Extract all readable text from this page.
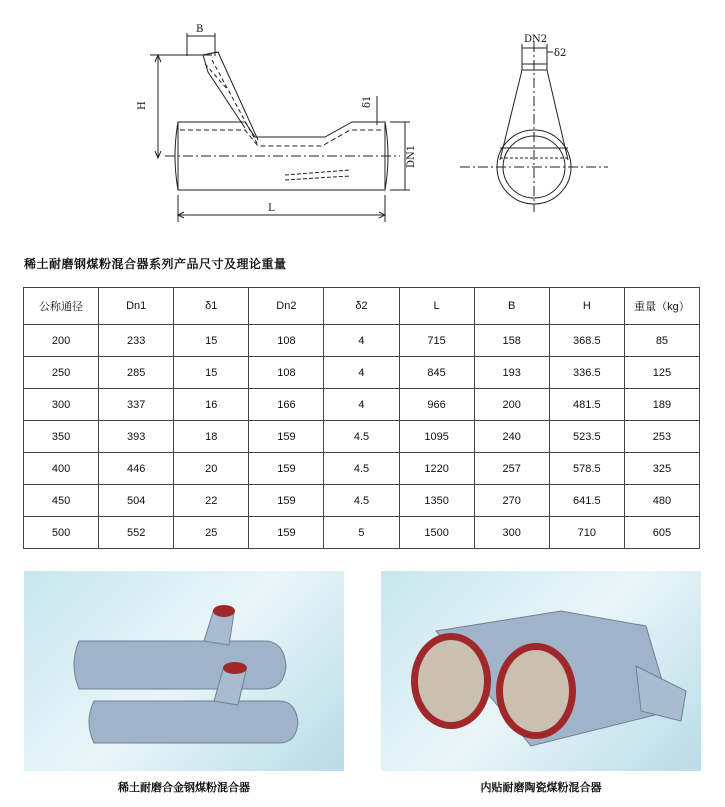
B
H
L
δ1
DN1
DN2
δ2
稀土耐磨钢煤粉混合器系列产品尺寸及理论重量
公称通径	Dn1	δ1	Dn2	δ2	L	B	H	重量（kg）
200	233	15	108	4	715	158	368.5	85
250	285	15	108	4	845	193	336.5	125
300	337	16	166	4	966	200	481.5	189
350	393	18	159	4.5	1095	240	523.5	253
400	446	20	159	4.5	1220	257	578.5	325
450	504	22	159	4.5	1350	270	641.5	480
500	552	25	159	5	1500	300	710	605
稀土耐磨合金钢煤粉混合器	内贴耐磨陶瓷煤粉混合器
